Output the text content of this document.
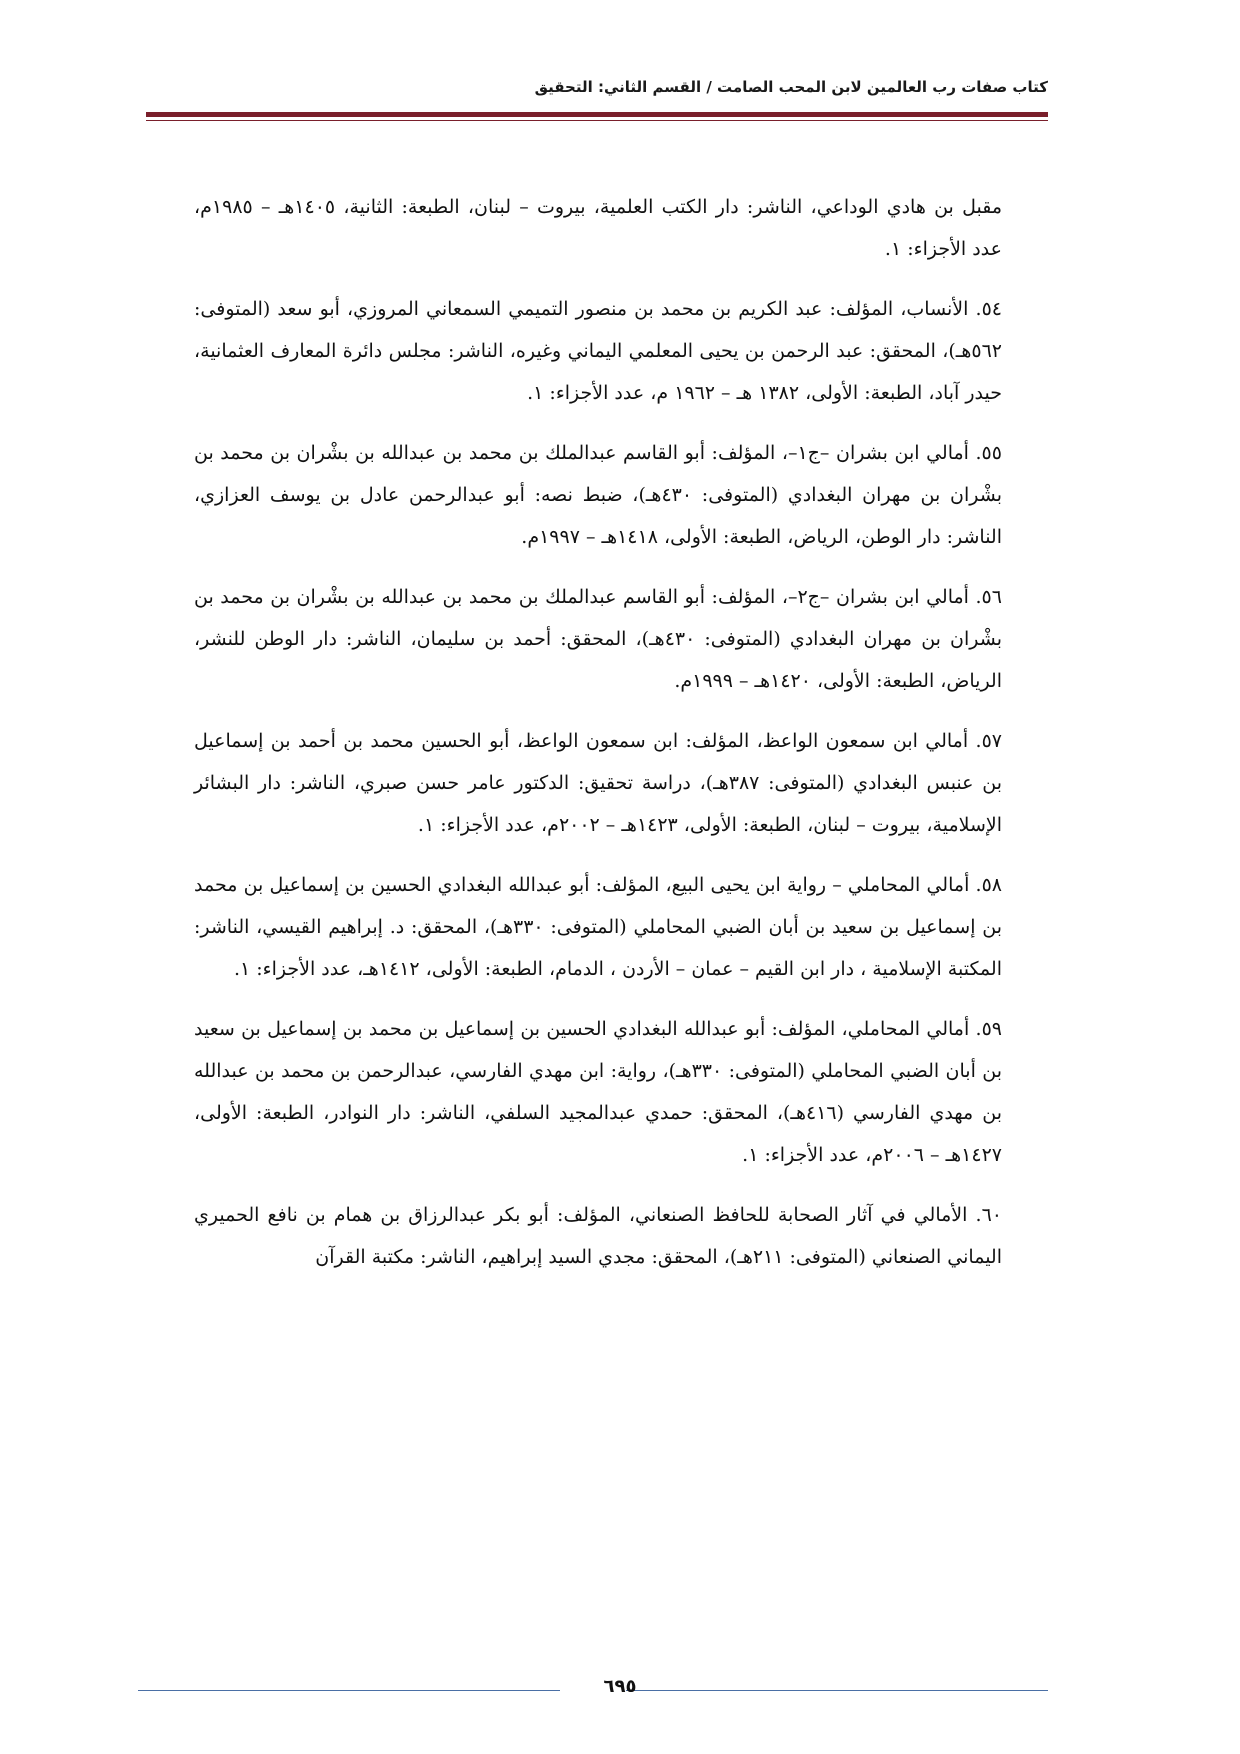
كتاب صفات رب العالمين لابن المحب الصامت / القسم الثاني: التحقيق

مقبل بن هادي الوداعي، الناشر: دار الكتب العلمية، بيروت – لبنان، الطبعة: الثانية، ١٤٠٥هـ – ١٩٨٥م، عدد الأجزاء: ١.

٥٤. الأنساب، المؤلف: عبد الكريم بن محمد بن منصور التميمي السمعاني المروزي، أبو سعد (المتوفى: ٥٦٢هـ)، المحقق: عبد الرحمن بن يحيى المعلمي اليماني وغيره، الناشر: مجلس دائرة المعارف العثمانية، حيدر آباد، الطبعة: الأولى، ١٣٨٢ هـ – ١٩٦٢ م، عدد الأجزاء: ١.

٥٥. أمالي ابن بشران –ج١–، المؤلف: أبو القاسم عبدالملك بن محمد بن عبدالله بن بشْران بن محمد بن بشْران بن مهران البغدادي (المتوفى: ٤٣٠هـ)، ضبط نصه: أبو عبدالرحمن عادل بن يوسف العزازي، الناشر: دار الوطن، الرياض، الطبعة: الأولى، ١٤١٨هـ – ١٩٩٧م.

٥٦. أمالي ابن بشران –ج٢–، المؤلف: أبو القاسم عبدالملك بن محمد بن عبدالله بن بشْران بن محمد بن بشْران بن مهران البغدادي (المتوفى: ٤٣٠هـ)، المحقق: أحمد بن سليمان، الناشر: دار الوطن للنشر، الرياض، الطبعة: الأولى، ١٤٢٠هـ – ١٩٩٩م.

٥٧. أمالي ابن سمعون الواعظ، المؤلف: ابن سمعون الواعظ، أبو الحسين محمد بن أحمد بن إسماعيل بن عنبس البغدادي (المتوفى: ٣٨٧هـ)، دراسة تحقيق: الدكتور عامر حسن صبري، الناشر: دار البشائر الإسلامية، بيروت – لبنان، الطبعة: الأولى، ١٤٢٣هـ – ٢٠٠٢م، عدد الأجزاء: ١.

٥٨. أمالي المحاملي – رواية ابن يحيى البيع، المؤلف: أبو عبدالله البغدادي الحسين بن إسماعيل بن محمد بن إسماعيل بن سعيد بن أبان الضبي المحاملي (المتوفى: ٣٣٠هـ)، المحقق: د. إبراهيم القيسي، الناشر: المكتبة الإسلامية ، دار ابن القيم – عمان – الأردن ، الدمام، الطبعة: الأولى، ١٤١٢هـ، عدد الأجزاء: ١.

٥٩. أمالي المحاملي، المؤلف: أبو عبدالله البغدادي الحسين بن إسماعيل بن محمد بن إسماعيل بن سعيد بن أبان الضبي المحاملي (المتوفى: ٣٣٠هـ)، رواية: ابن مهدي الفارسي، عبدالرحمن بن محمد بن عبدالله بن مهدي الفارسي (٤١٦هـ)، المحقق: حمدي عبدالمجيد السلفي، الناشر: دار النوادر، الطبعة: الأولى، ١٤٢٧هـ – ٢٠٠٦م، عدد الأجزاء: ١.

٦٠. الأمالي في آثار الصحابة للحافظ الصنعاني، المؤلف: أبو بكر عبدالرزاق بن همام بن نافع الحميري اليماني الصنعاني (المتوفى: ٢١١هـ)، المحقق: مجدي السيد إبراهيم، الناشر: مكتبة القرآن

٦٩٥
